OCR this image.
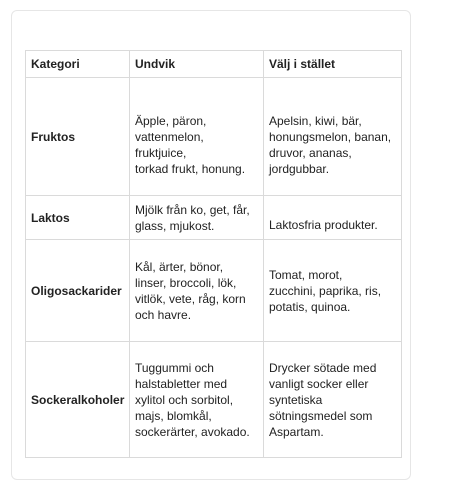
Kategori	Undvik	Välj i stället
Fruktos	Äpple, päron,
vattenmelon,
fruktjuice,
torkad frukt, honung.	Apelsin, kiwi, bär,
honungsmelon, banan,
druvor, ananas,
jordgubbar.

Laktos	Mjölk från ko, get, får,
glass, mjukost.	Laktosfria produkter.

Oligosackarider	Kål, ärter, bönor,
linser, broccoli, lök,
vitlök, vete, råg, korn
och havre.	Tomat, morot,
zucchini, paprika, ris,
potatis, quinoa.

Sockeralkoholer	Tuggummi och
halstabletter med
xylitol och sorbitol,
majs, blomkål,
sockerärter, avokado.	Drycker sötade med
vanligt socker eller
syntetiska
sötningsmedel som
Aspartam.
